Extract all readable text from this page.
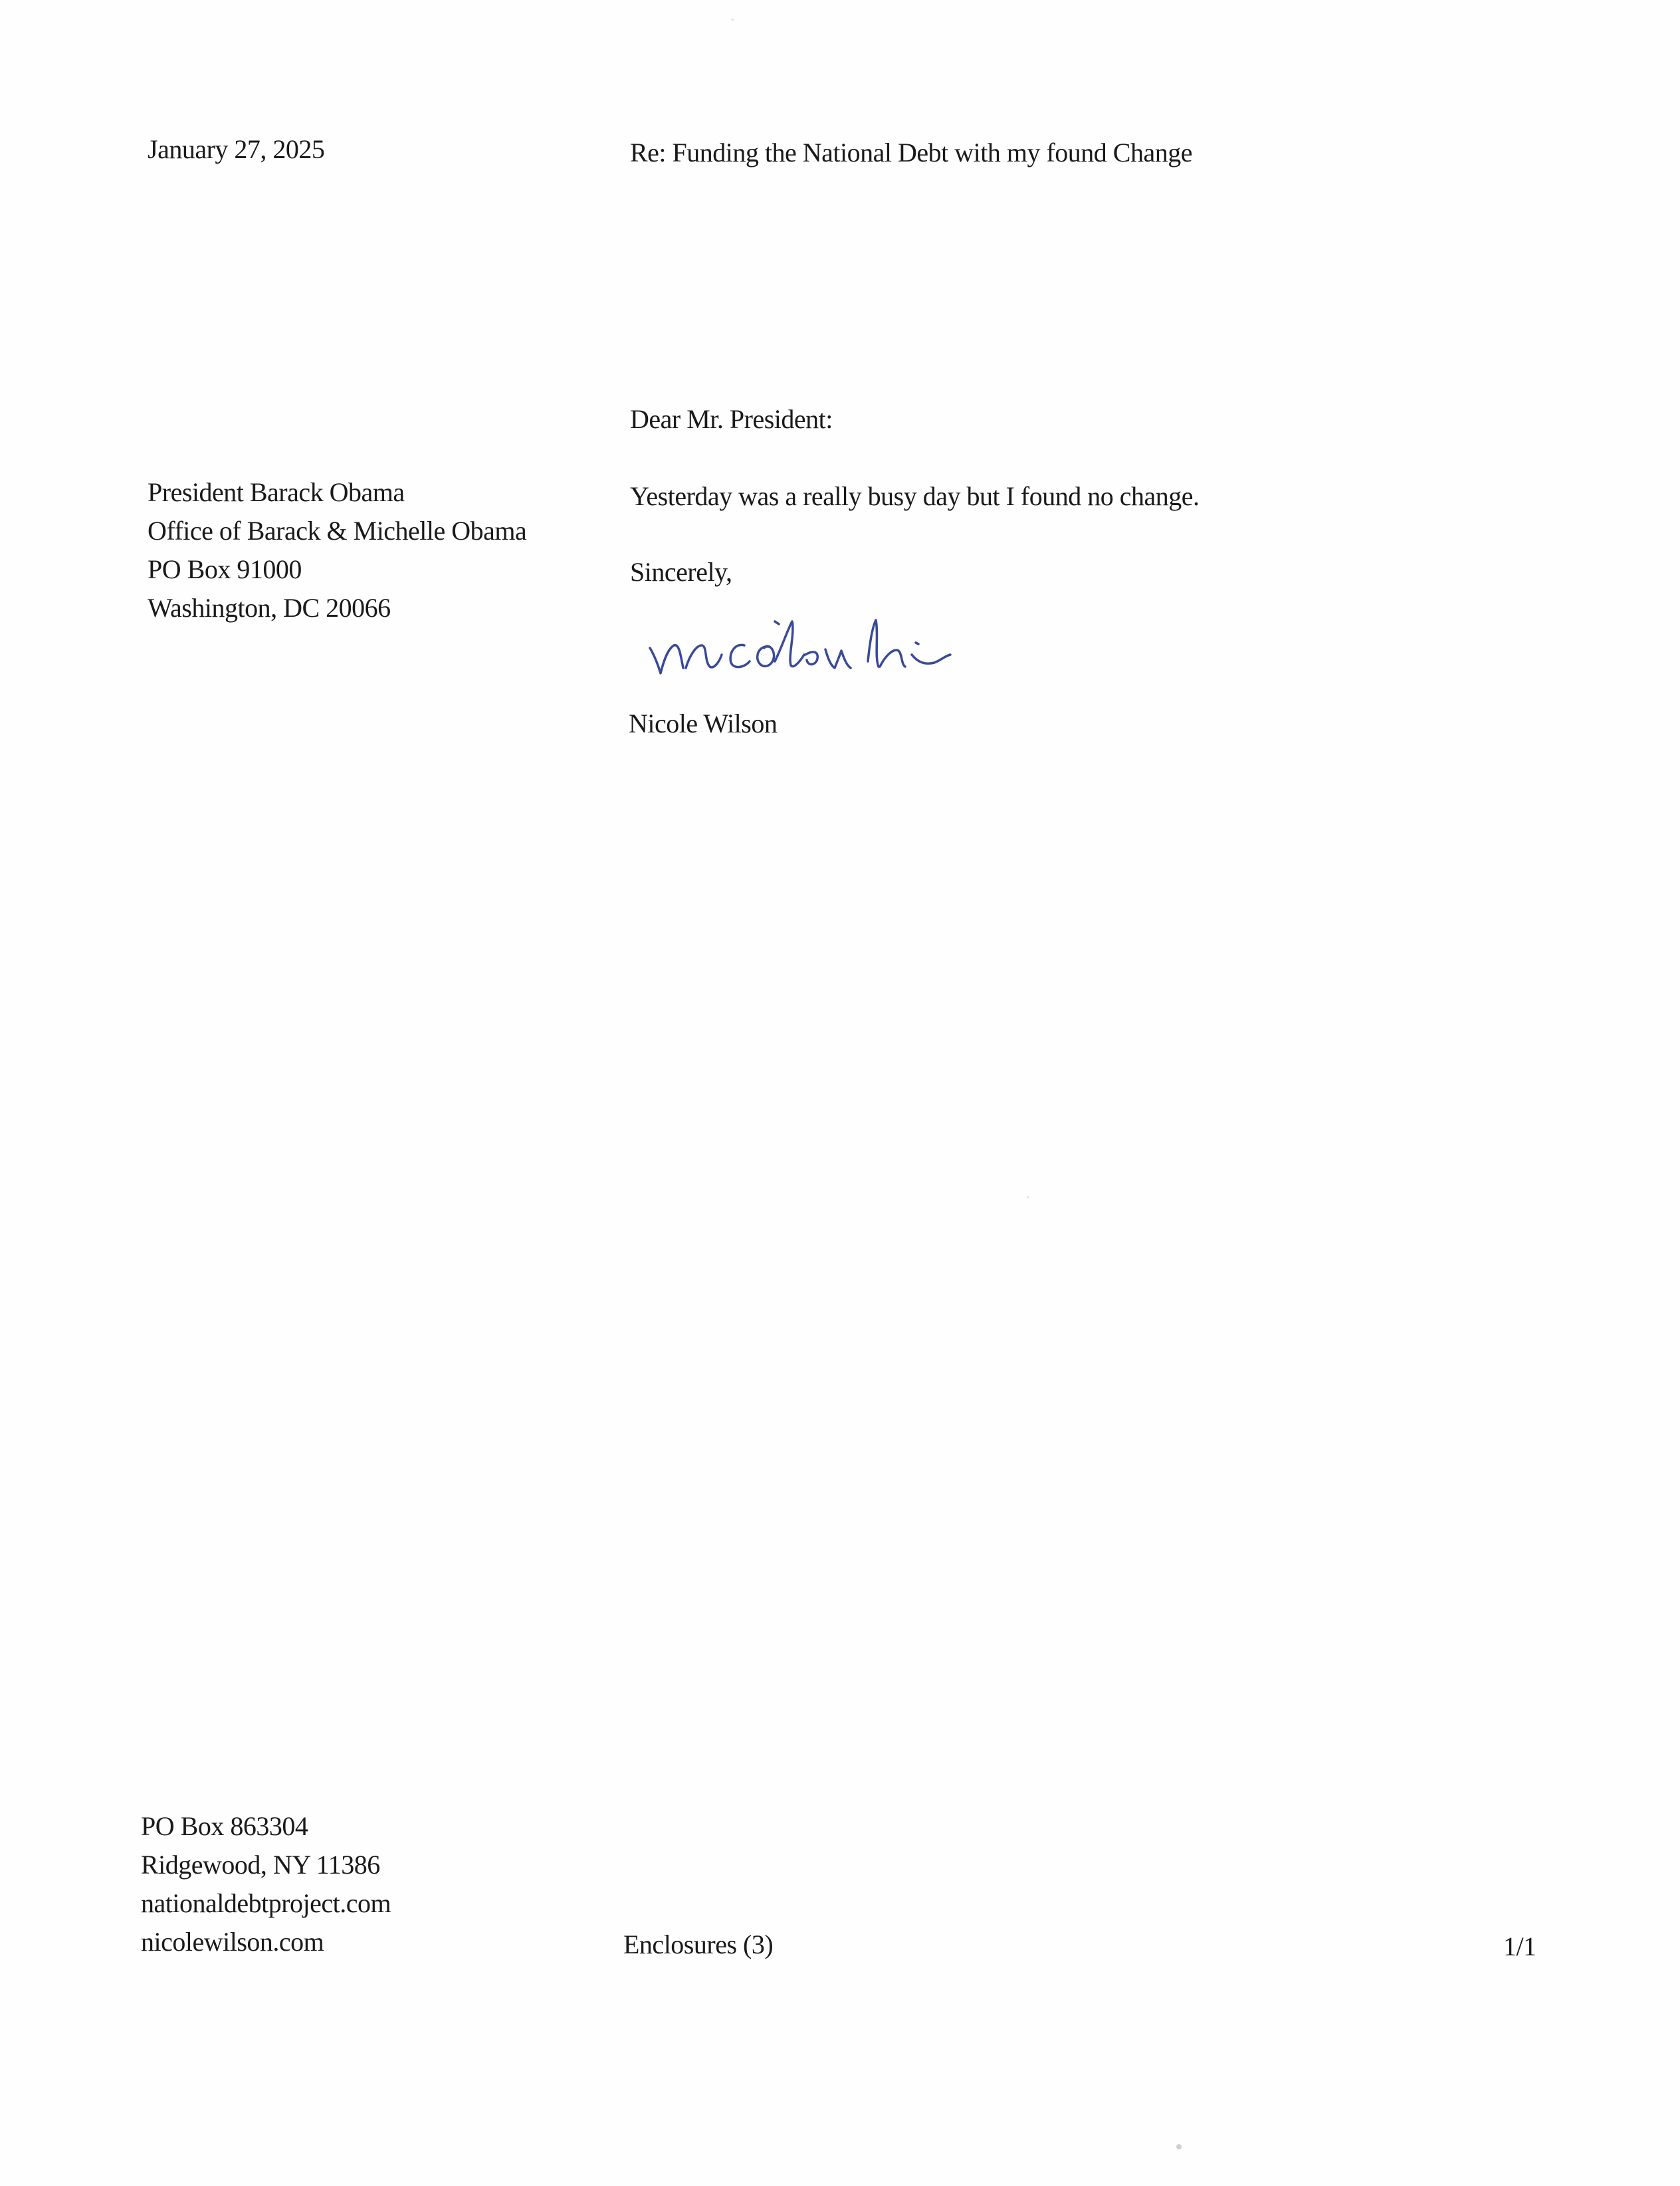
January 27, 2025	Re: Funding the National Debt with my found Change
Dear Mr. President:
President Barack Obama
Office of Barack & Michelle Obama
PO Box 91000
Washington, DC 20066
Yesterday was a really busy day but I found no change.
Sincerely,
Nicole Wilson
PO Box 863304
Ridgewood, NY 11386
nationaldebtproject.com
nicolewilson.com	Enclosures (3)	1/1
